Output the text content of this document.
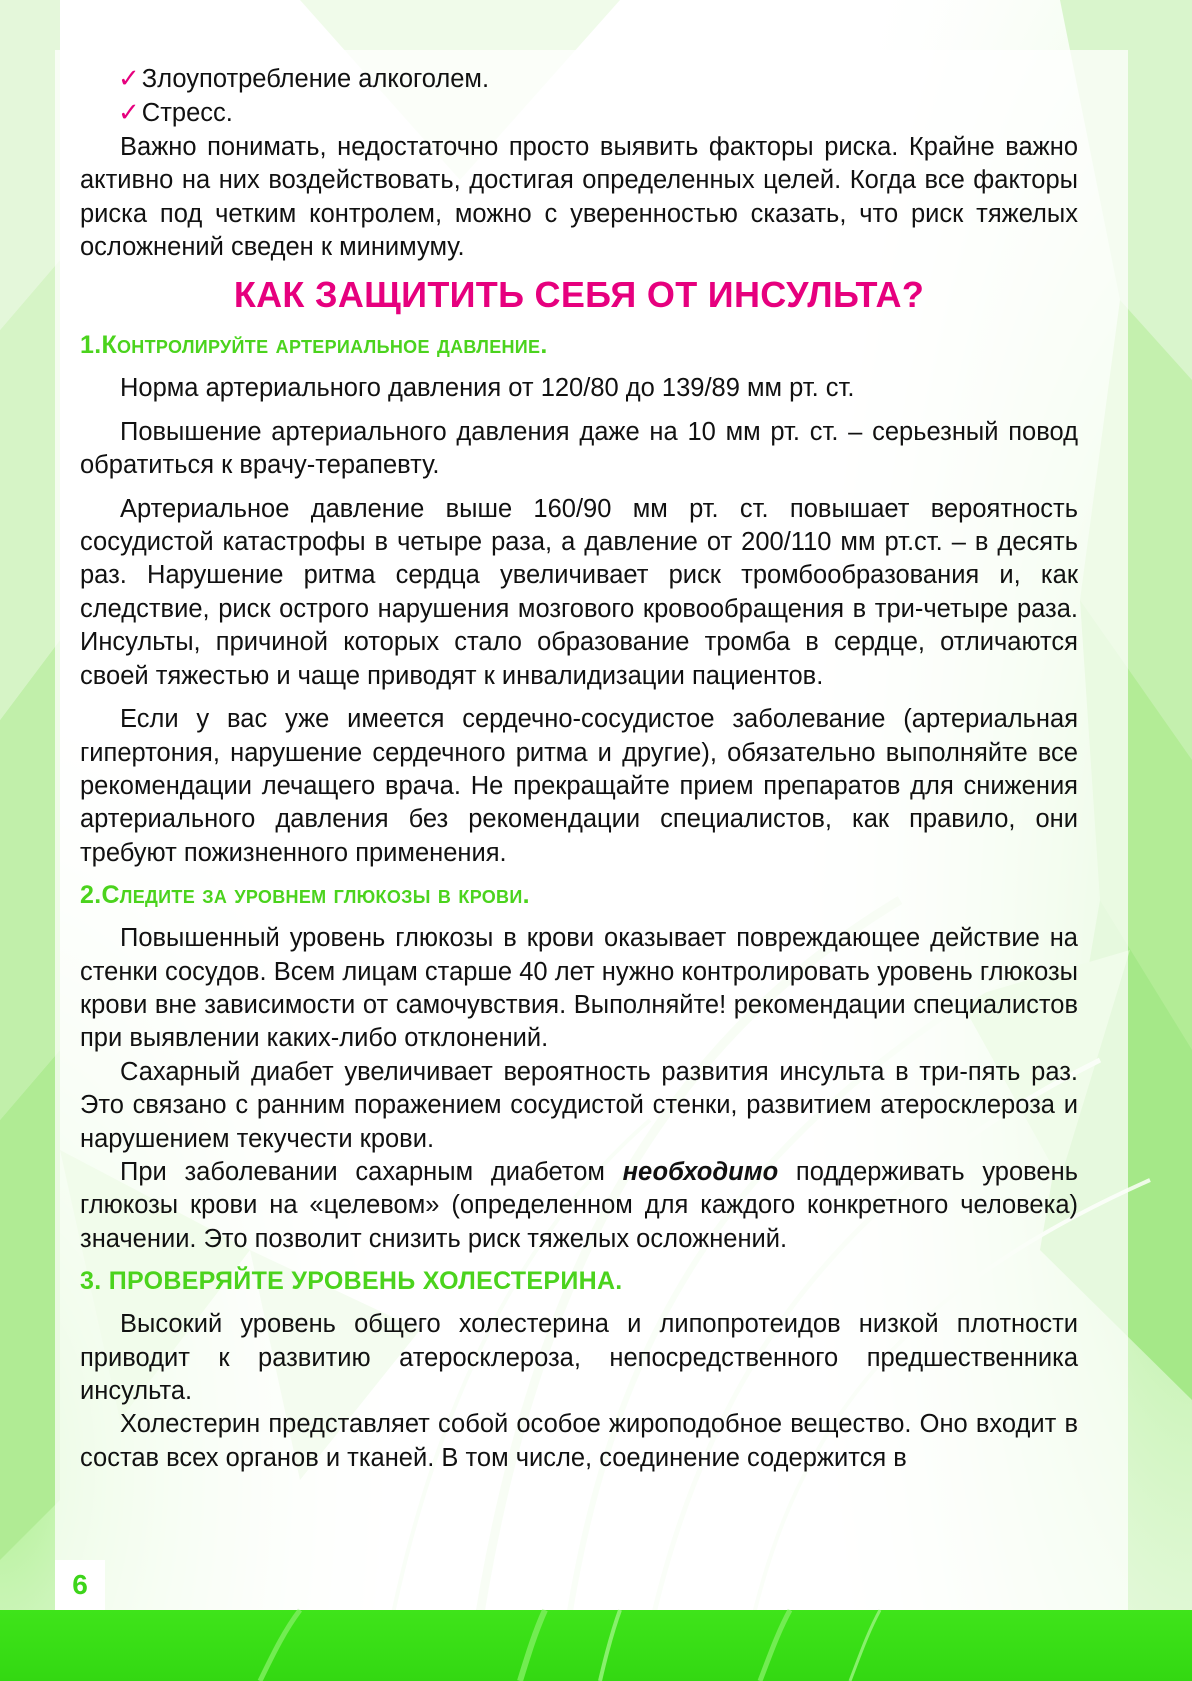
✓Злоупотребление алкоголем.
✓Стресс.

Важно понимать, недостаточно просто выявить факторы риска. Крайне важно активно на них воздействовать, достигая определенных целей. Когда все факторы риска под четким контролем, можно с уверенностью сказать, что риск тяжелых осложнений сведен к минимуму.

КАК ЗАЩИТИТЬ СЕБЯ ОТ ИНСУЛЬТА?
1.Контролируйте артериальное давление.

Норма артериального давления от 120/80 до 139/89 мм рт. ст.

Повышение артериального давления даже на 10 мм рт. ст. – серьезный повод обратиться к врачу-терапевту.

Артериальное давление выше 160/90 мм рт. ст. повышает вероятность сосудистой катастрофы в четыре раза, а давление от 200/110 мм рт.ст. – в десять раз. Нарушение ритма сердца увеличивает риск тромбообразования и, как следствие, риск острого нарушения мозгового кровообращения в три-четыре раза. Инсульты, причиной которых стало образование тромба в сердце, отличаются своей тяжестью и чаще приводят к инвалидизации пациентов.

Если у вас уже имеется сердечно-сосудистое заболевание (артериальная гипертония, нарушение сердечного ритма и другие), обязательно выполняйте все рекомендации лечащего врача. Не прекращайте прием препаратов для снижения артериального давления без рекомендации специалистов, как правило, они требуют пожизненного применения.

2.Следите за уровнем глюкозы в крови.

Повышенный уровень глюкозы в крови оказывает повреждающее действие на стенки сосудов. Всем лицам старше 40 лет нужно контролировать уровень глюкозы крови вне зависимости от самочувствия. Выполняйте! рекомендации специалистов при выявлении каких-либо отклонений.

Сахарный диабет увеличивает вероятность развития инсульта в три-пять раз. Это связано с ранним поражением сосудистой стенки, развитием атеросклероза и нарушением текучести крови.

При заболевании сахарным диабетом необходимо поддерживать уровень глюкозы крови на «целевом» (определенном для каждого конкретного человека) значении. Это позволит снизить риск тяжелых осложнений.

3. ПРОВЕРЯЙТЕ УРОВЕНЬ ХОЛЕСТЕРИНА.

Высокий уровень общего холестерина и липопротеидов низкой плотности приводит к развитию атеросклероза, непосредственного предшественника инсульта.

Холестерин представляет собой особое жироподобное вещество. Оно входит в состав всех органов и тканей. В том числе, соединение содержится в

6
